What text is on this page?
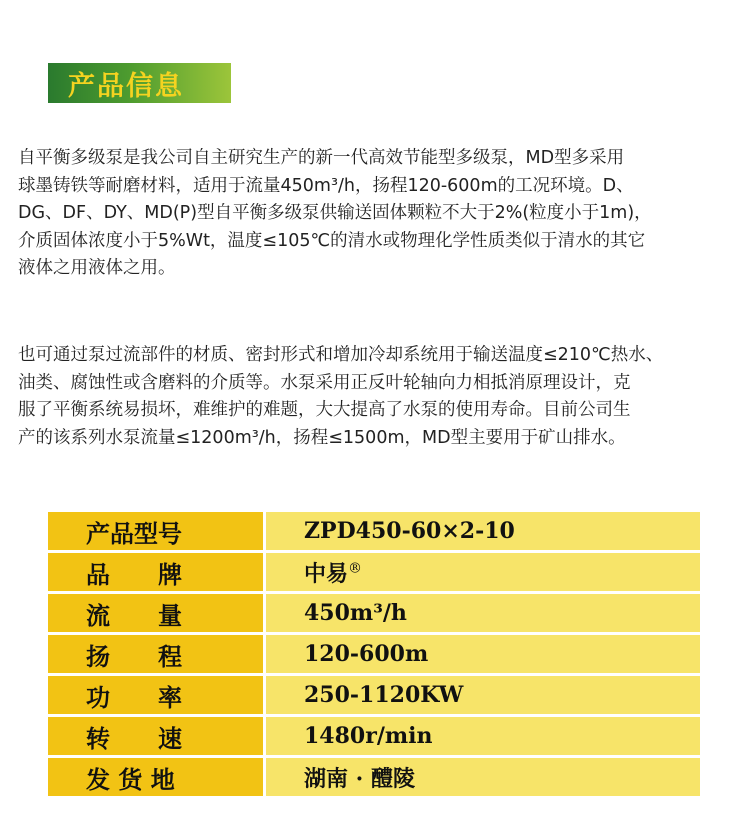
产品信息

自平衡多级泵是我公司自主研究生产的新一代高效节能型多级泵，MD型多采用
球墨铸铁等耐磨材料，适用于流量450m³/h，扬程120-600m的工况环境。D、
DG、DF、DY、MD(P)型自平衡多级泵供输送固体颗粒不大于2%(粒度小于1m)，
介质固体浓度小于5%Wt，温度≤105℃的清水或物理化学性质类似于清水的其它
液体之用液体之用。

也可通过泵过流部件的材质、密封形式和增加冷却系统用于输送温度≤210℃热水、
油类、腐蚀性或含磨料的介质等。水泵采用正反叶轮轴向力相抵消原理设计，克
服了平衡系统易损坏，难维护的难题，大大提高了水泵的使用寿命。目前公司生
产的该系列水泵流量≤1200m³/h，扬程≤1500m，MD型主要用于矿山排水。

产品型号	ZPD450-60×2-10
品　　牌	中易®
流　　量	450m³/h
扬　　程	120-600m
功　　率	250-1120KW
转　　速	1480r/min
发 货 地	湖南 · 醴陵
